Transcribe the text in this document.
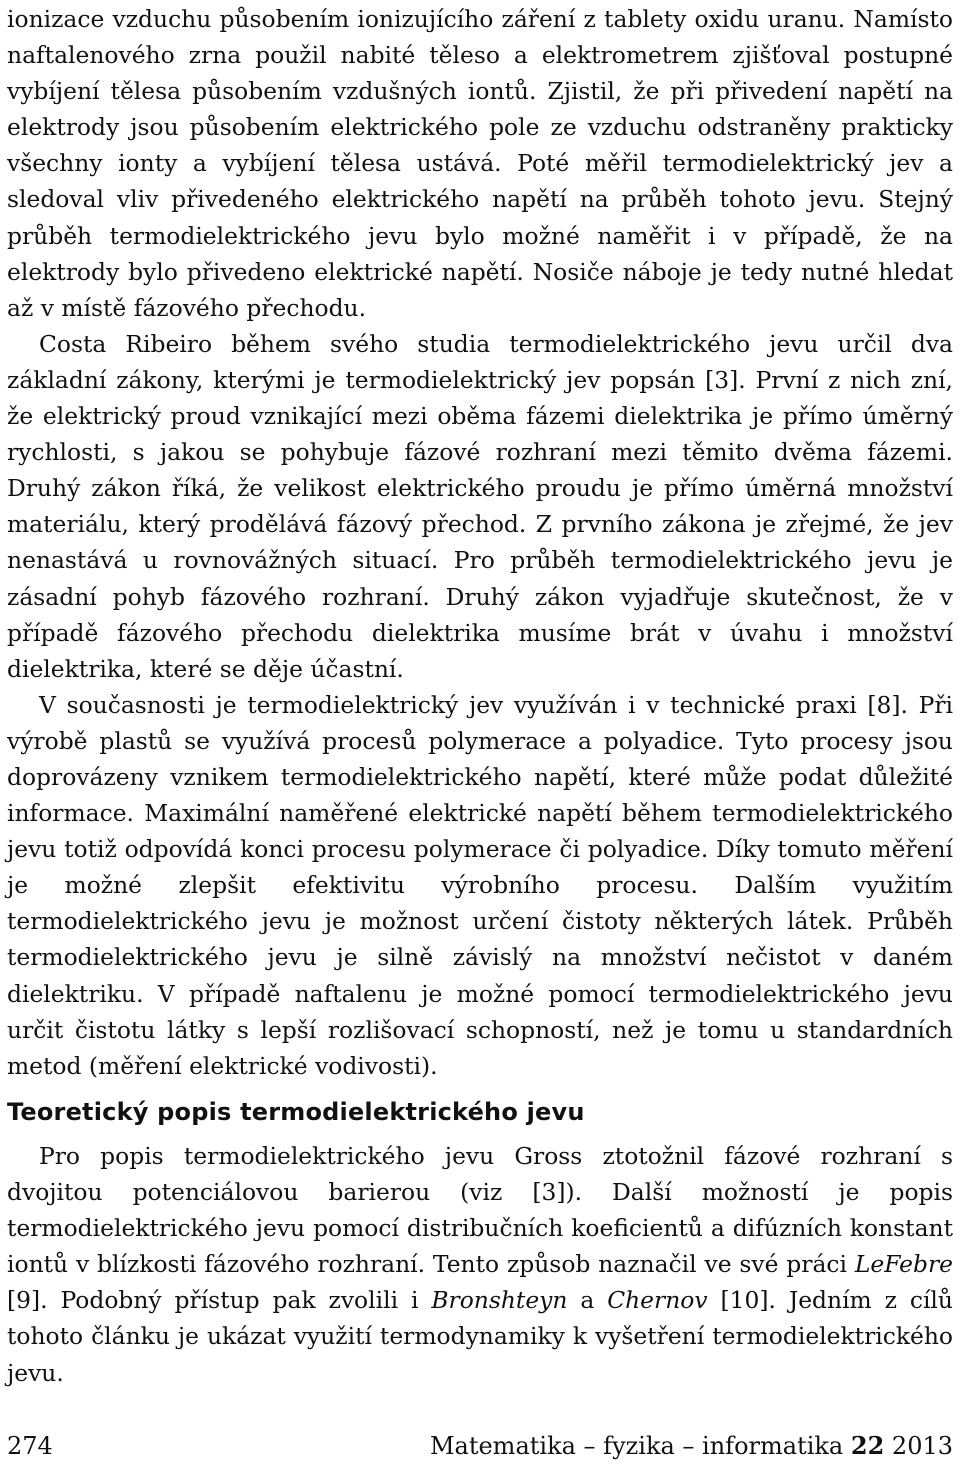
ionizace vzduchu působením ionizujícího záření z tablety oxidu uranu. Namísto naftalenového zrna použil nabité těleso a elektrometrem zjišťoval postupné vybíjení tělesa působením vzdušných iontů. Zjistil, že při přivedení napětí na elektrody jsou působením elektrického pole ze vzduchu odstraněny prakticky všechny ionty a vybíjení tělesa ustává. Poté měřil termodielektrický jev a sledoval vliv přivedeného elektrického napětí na průběh tohoto jevu. Stejný průběh termodielektrického jevu bylo možné naměřit i v případě, že na elektrody bylo přivedeno elektrické napětí. Nosiče náboje je tedy nutné hledat až v místě fázového přechodu.

Costa Ribeiro během svého studia termodielektrického jevu určil dva základní zákony, kterými je termodielektrický jev popsán [3]. První z nich zní, že elektrický proud vznikající mezi oběma fázemi dielektrika je přímo úměrný rychlosti, s jakou se pohybuje fázové rozhraní mezi těmito dvěma fázemi. Druhý zákon říká, že velikost elektrického proudu je přímo úměrná množství materiálu, který prodělává fázový přechod. Z prvního zákona je zřejmé, že jev nenastává u rovnovážných situací. Pro průběh termodielektrického jevu je zásadní pohyb fázového rozhraní. Druhý zákon vyjadřuje skutečnost, že v případě fázového přechodu dielektrika musíme brát v úvahu i množství dielektrika, které se děje účastní.

V současnosti je termodielektrický jev využíván i v technické praxi [8]. Při výrobě plastů se využívá procesů polymerace a polyadice. Tyto procesy jsou doprovázeny vznikem termodielektrického napětí, které může podat důležité informace. Maximální naměřené elektrické napětí během termodielektrického jevu totiž odpovídá konci procesu polymerace či polyadice. Díky tomuto měření je možné zlepšit efektivitu výrobního procesu. Dalším využitím termodielektrického jevu je možnost určení čistoty některých látek. Průběh termodielektrického jevu je silně závislý na množství nečistot v daném dielektriku. V případě naftalenu je možné pomocí termodielektrického jevu určit čistotu látky s lepší rozlišovací schopností, než je tomu u standardních metod (měření elektrické vodivosti).

Teoretický popis termodielektrického jevu

Pro popis termodielektrického jevu Gross ztotožnil fázové rozhraní s dvojitou potenciálovou barierou (viz [3]). Další možností je popis termodielektrického jevu pomocí distribučních koeficientů a difúzních konstant iontů v blízkosti fázového rozhraní. Tento způsob naznačil ve své práci LeFebre [9]. Podobný přístup pak zvolili i Bronshteyn a Chernov [10]. Jedním z cílů tohoto článku je ukázat využití termodynamiky k vyšetření termodielektrického jevu.

274	Matematika – fyzika – informatika 22 2013
